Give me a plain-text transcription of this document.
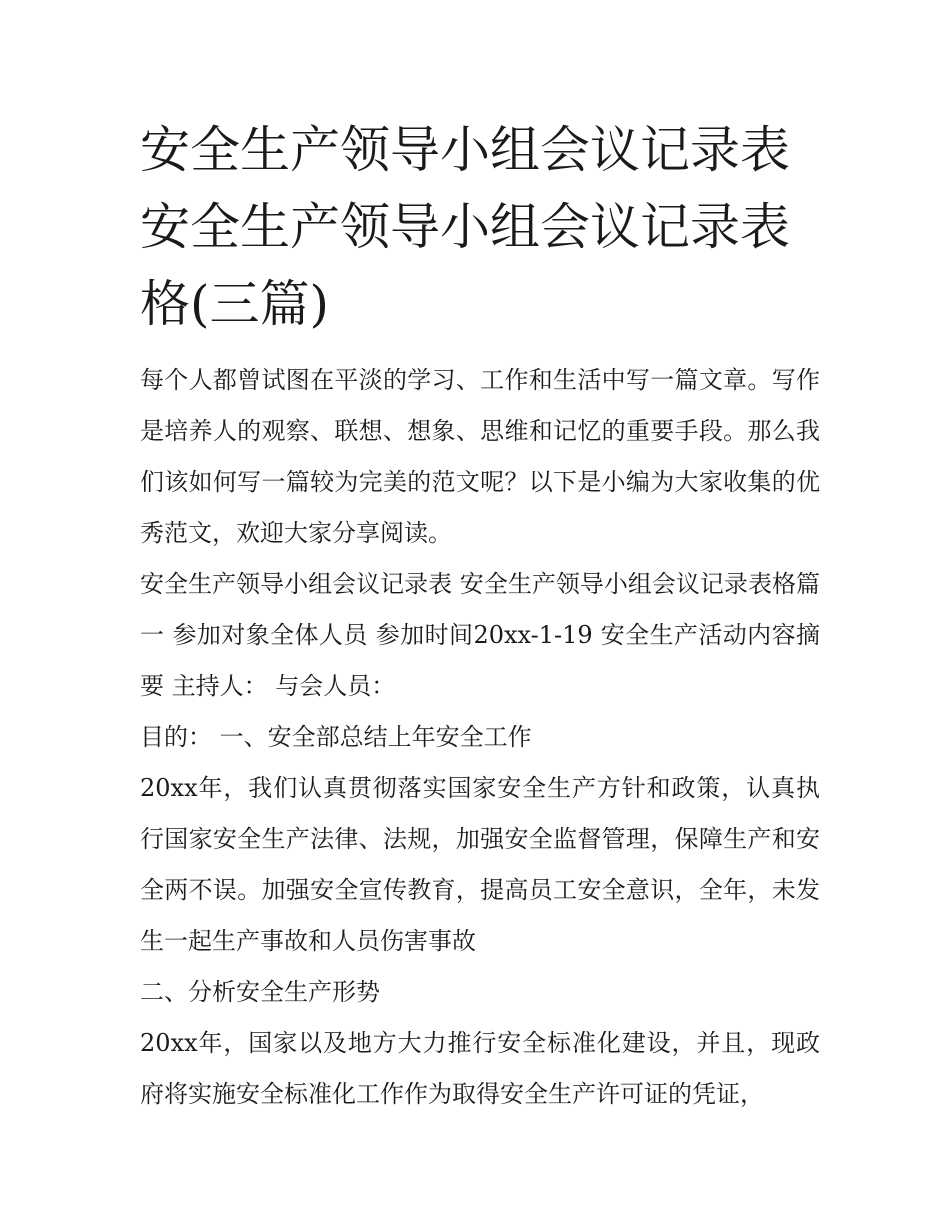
安全生产领导小组会议记录表 安全生产领导小组会议记录表格(三篇)

每个人都曾试图在平淡的学习、工作和生活中写一篇文章。写作是培养人的观察、联想、想象、思维和记忆的重要手段。那么我们该如何写一篇较为完美的范文呢？以下是小编为大家收集的优秀范文，欢迎大家分享阅读。

安全生产领导小组会议记录表 安全生产领导小组会议记录表格篇一 参加对象全体人员 参加时间20xx-1-19 安全生产活动内容摘要 主持人： 与会人员：

目的： 一、安全部总结上年安全工作

20xx年，我们认真贯彻落实国家安全生产方针和政策，认真执行国家安全生产法律、法规，加强安全监督管理，保障生产和安全两不误。加强安全宣传教育，提高员工安全意识，全年，未发生一起生产事故和人员伤害事故

二、分析安全生产形势

20xx年，国家以及地方大力推行安全标准化建设，并且，现政府将实施安全标准化工作作为取得安全生产许可证的凭证，
